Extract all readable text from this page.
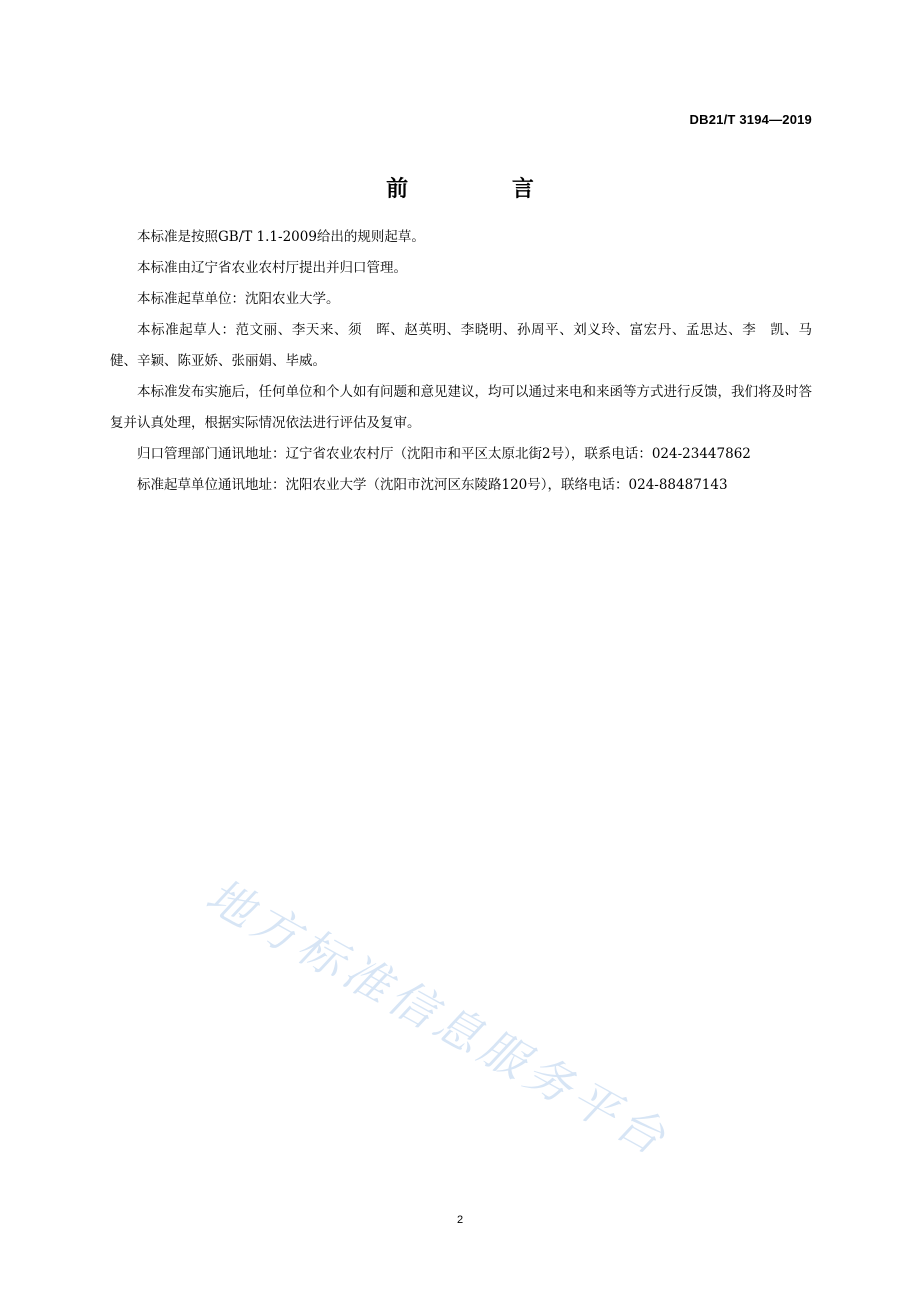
DB21/T 3194—2019
前 言

本标准是按照GB/T 1.1-2009给出的规则起草。

本标准由辽宁省农业农村厅提出并归口管理。

本标准起草单位：沈阳农业大学。

本标准起草人：范文丽、李天来、须　晖、赵英明、李晓明、孙周平、刘义玲、富宏丹、孟思达、李　凯、马　健、辛颖、陈亚娇、张丽娟、毕威。

本标准发布实施后，任何单位和个人如有问题和意见建议，均可以通过来电和来函等方式进行反馈，我们将及时答复并认真处理，根据实际情况依法进行评估及复审。

归口管理部门通讯地址：辽宁省农业农村厅（沈阳市和平区太原北街2号），联系电话：024-23447862

标准起草单位通讯地址：沈阳农业大学（沈阳市沈河区东陵路120号），联络电话：024-88487143

地方标准信息服务平台
2
